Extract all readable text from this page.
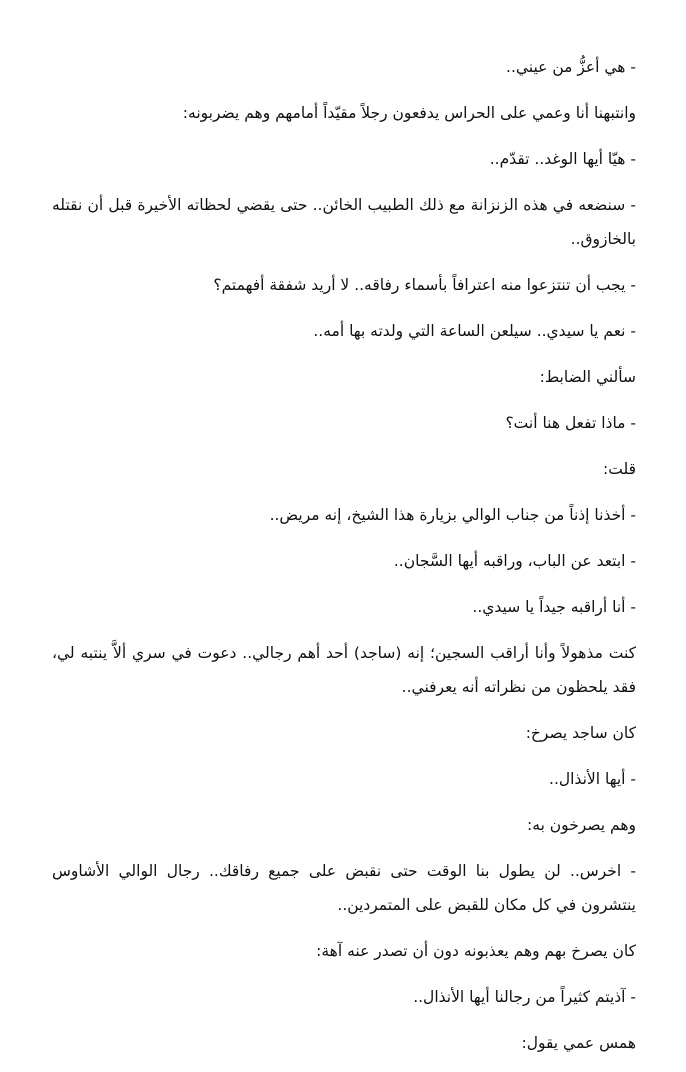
- هي أعزُّ من عيني..

وانتبهنا أنا وعمي على الحراس يدفعون رجلاً مقيّداً أمامهم وهم يضربونه:

- هيّا أيها الوغد.. تقدّم..

- سنضعه في هذه الزنزانة مع ذلك الطبيب الخائن.. حتى يقضي لحظاته الأخيرة قبل أن نقتله بالخازوق..

- يجب أن تنتزعوا منه اعترافاً بأسماء رفاقه.. لا أريد شفقة أفهمتم؟

- نعم يا سيدي.. سيلعن الساعة التي ولدته بها أمه..

سألني الضابط:

- ماذا تفعل هنا أنت؟

قلت:

- أخذنا إذناً من جناب الوالي بزيارة هذا الشيخ، إنه مريض..

- ابتعد عن الباب، وراقبه أيها السَّجان..

- أنا أراقبه جيداً يا سيدي..

كنت مذهولاً وأنا أراقب السجين؛ إنه (ساجد) أحد أهم رجالي.. دعوت في سري ألاَّ ينتبه لي، فقد يلحظون من نظراته أنه يعرفني..

كان ساجد يصرخ:

- أيها الأنذال..

وهم يصرخون به:

- اخرس.. لن يطول بنا الوقت حتى نقبض على جميع رفاقك.. رجال الوالي الأشاوس ينتشرون في كل مكان للقبض على المتمردين..

كان يصرخ بهم وهم يعذبونه دون أن تصدر عنه آهة:

- آذيتم كثيراً من رجالنا أيها الأنذال..

همس عمي يقول:
